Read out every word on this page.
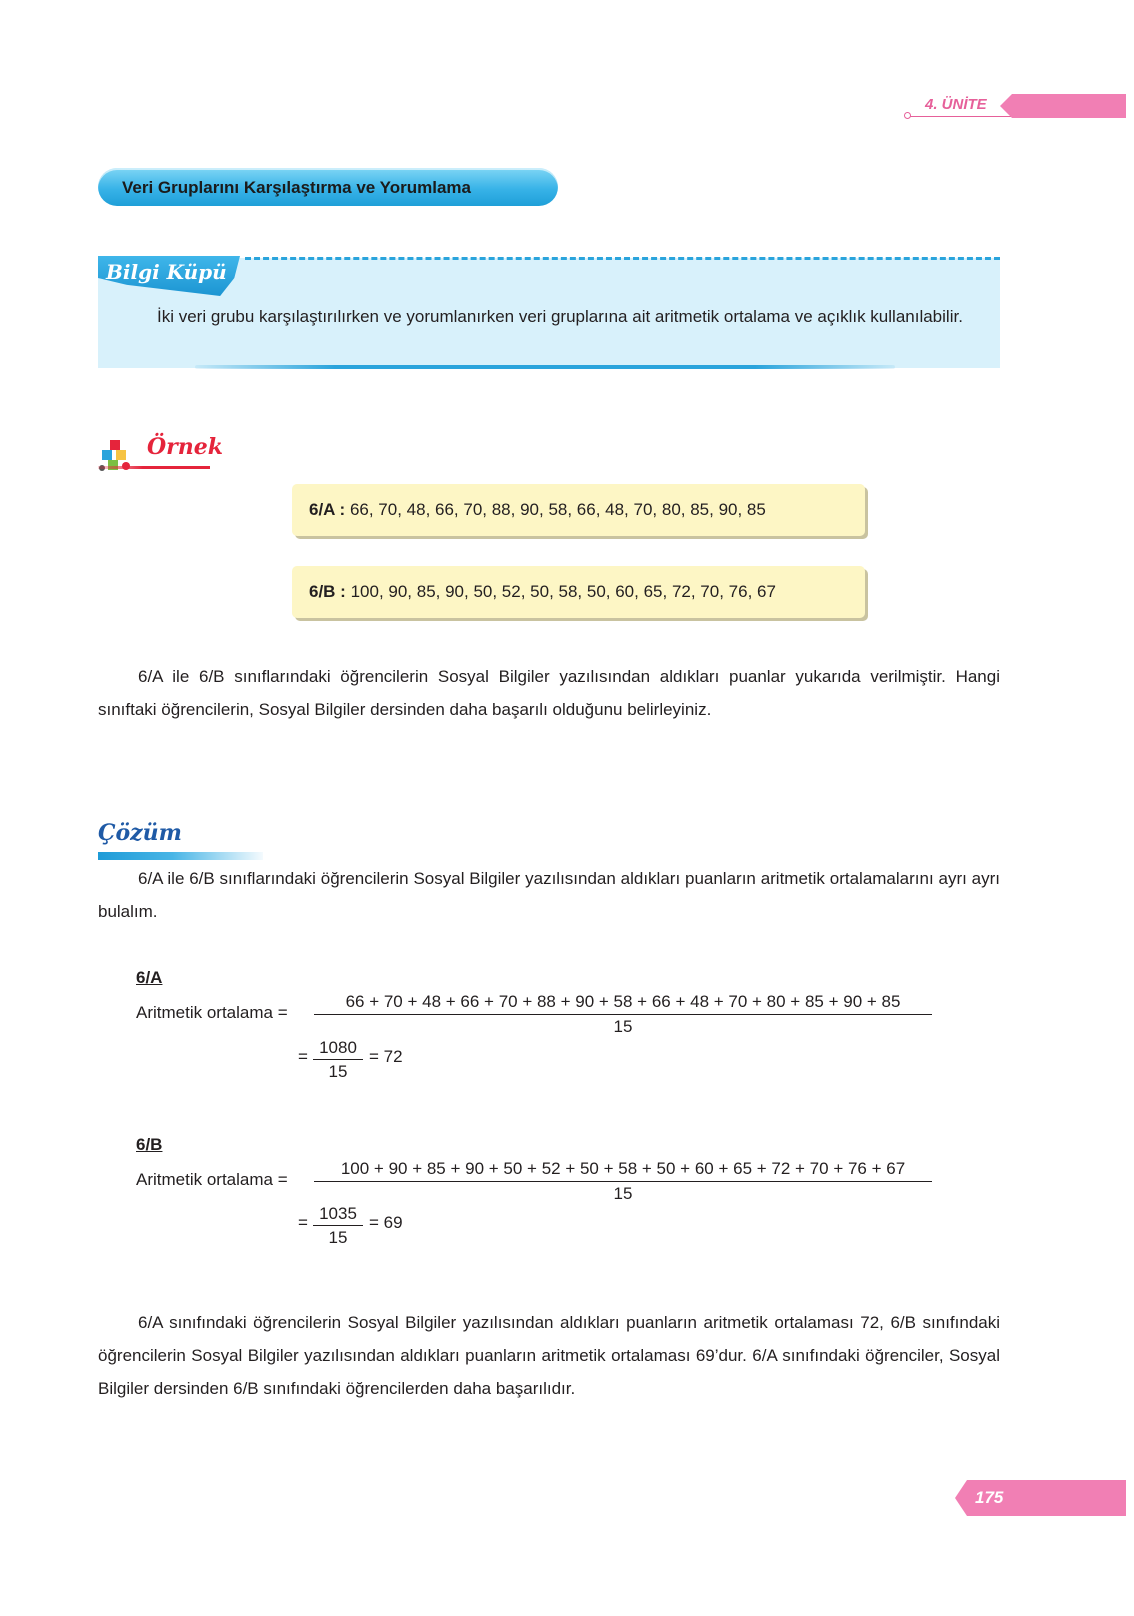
4. ÜNİTE
Veri Gruplarını Karşılaştırma ve Yorumlama
Bilgi Küpü
İki veri grubu karşılaştırılırken ve yorumlanırken veri gruplarına ait aritmetik ortalama ve açıklık kullanılabilir.
Örnek
6/A : 66, 70, 48, 66, 70, 88, 90, 58, 66, 48, 70, 80, 85, 90, 85
6/B : 100, 90, 85, 90, 50, 52, 50, 58, 50, 60, 65, 72, 70, 76, 67
6/A ile 6/B sınıflarındaki öğrencilerin Sosyal Bilgiler yazılısından aldıkları puanlar yukarıda verilmiştir. Hangi sınıftaki öğrencilerin, Sosyal Bilgiler dersinden daha başarılı olduğunu belirleyiniz.
Çözüm
6/A ile 6/B sınıflarındaki öğrencilerin Sosyal Bilgiler yazılısından aldıkları puanların aritmetik ortalamalarını ayrı ayrı bulalım.
6/A
Aritmetik ortalama =
66 + 70 + 48 + 66 + 70 + 88 + 90 + 58 + 66 + 48 + 70 + 80 + 85 + 90 + 85
15
= 1080
15
= 72
6/B
Aritmetik ortalama =
100 + 90 + 85 + 90 + 50 + 52 + 50 + 58 + 50 + 60 + 65 + 72 + 70 + 76 + 67
15
= 1035
15
= 69
6/A sınıfındaki öğrencilerin Sosyal Bilgiler yazılısından aldıkları puanların aritmetik ortalaması 72, 6/B sınıfındaki öğrencilerin Sosyal Bilgiler yazılısından aldıkları puanların aritmetik ortalaması 69’dur. 6/A sınıfındaki öğrenciler, Sosyal Bilgiler dersinden 6/B sınıfındaki öğrencilerden daha başarılıdır.
175
